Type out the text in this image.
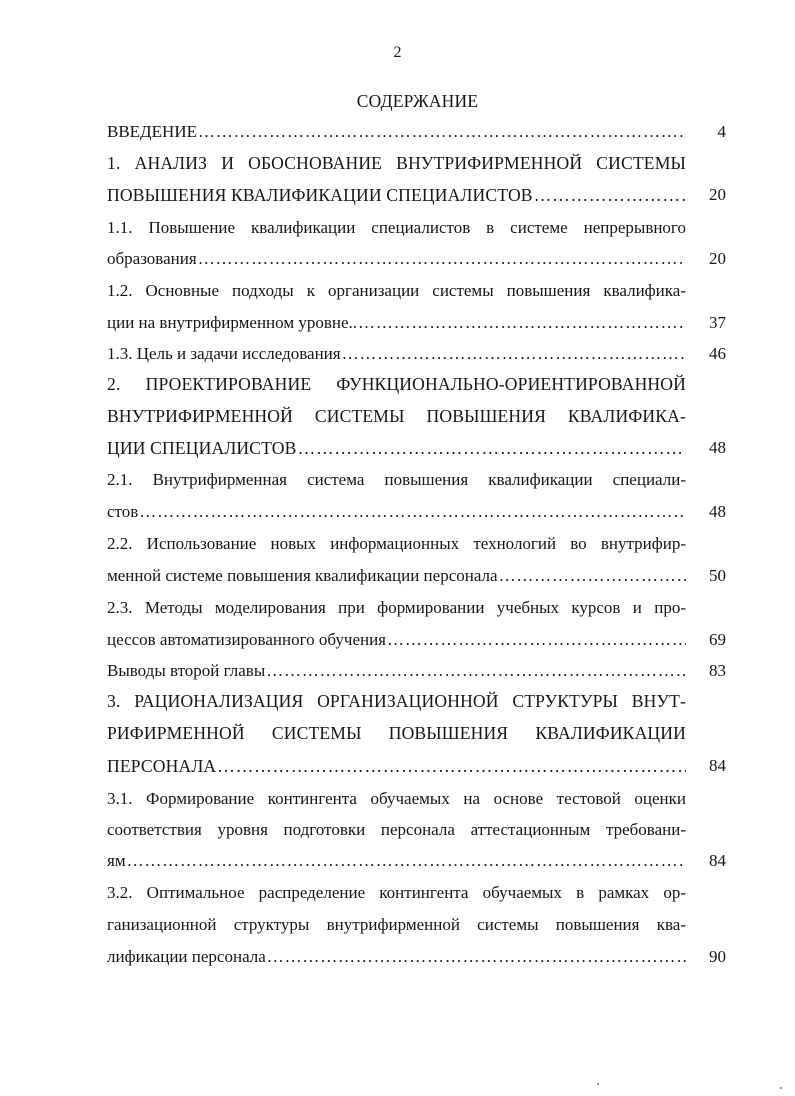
2
СОДЕРЖАНИЕ
ВВЕДЕНИЕ ……………………………………………………………………………………………………………………………………………………………………………………………………	4
1. АНАЛИЗ И ОБОСНОВАНИЕ ВНУТРИФИРМЕННОЙ СИСТЕМЫ
ПОВЫШЕНИЯ КВАЛИФИКАЦИИ СПЕЦИАЛИСТОВ ……………………………………………………………………………………………………………………………………………………………………………………………………	20
1.1. Повышение квалификации специалистов в системе непрерывного
образования ……………………………………………………………………………………………………………………………………………………………………………………………………	20
1.2. Основные подходы к организации системы повышения квалифика-
ции на внутрифирменном уровне.. ……………………………………………………………………………………………………………………………………………………………………………………………………	37
1.3. Цель и задачи исследования ……………………………………………………………………………………………………………………………………………………………………………………………………	46
2. ПРОЕКТИРОВАНИЕ ФУНКЦИОНАЛЬНО-ОРИЕНТИРОВАННОЙ
ВНУТРИФИРМЕННОЙ СИСТЕМЫ ПОВЫШЕНИЯ КВАЛИФИКА-
ЦИИ СПЕЦИАЛИСТОВ ……………………………………………………………………………………………………………………………………………………………………………………………………	48
2.1. Внутрифирменная система повышения квалификации специали-
стов ……………………………………………………………………………………………………………………………………………………………………………………………………	48
2.2. Использование новых информационных технологий во внутрифир-
менной системе повышения квалификации персонала ……………………………………………………………………………………………………………………………………………………………………………………………………	50
2.3. Методы моделирования при формировании учебных курсов и про-
цессов автоматизированного обучения ……………………………………………………………………………………………………………………………………………………………………………………………………	69
Выводы второй главы ……………………………………………………………………………………………………………………………………………………………………………………………………	83
3. РАЦИОНАЛИЗАЦИЯ ОРГАНИЗАЦИОННОЙ СТРУКТУРЫ ВНУТ-
РИФИРМЕННОЙ СИСТЕМЫ ПОВЫШЕНИЯ КВАЛИФИКАЦИИ
ПЕРСОНАЛА ……………………………………………………………………………………………………………………………………………………………………………………………………	84
3.1. Формирование контингента обучаемых на основе тестовой оценки
соответствия уровня подготовки персонала аттестационным требовани-
ям ……………………………………………………………………………………………………………………………………………………………………………………………………	84
3.2. Оптимальное распределение контингента обучаемых в рамках ор-
ганизационной структуры внутрифирменной системы повышения ква-
лификации персонала ……………………………………………………………………………………………………………………………………………………………………………………………………	90
